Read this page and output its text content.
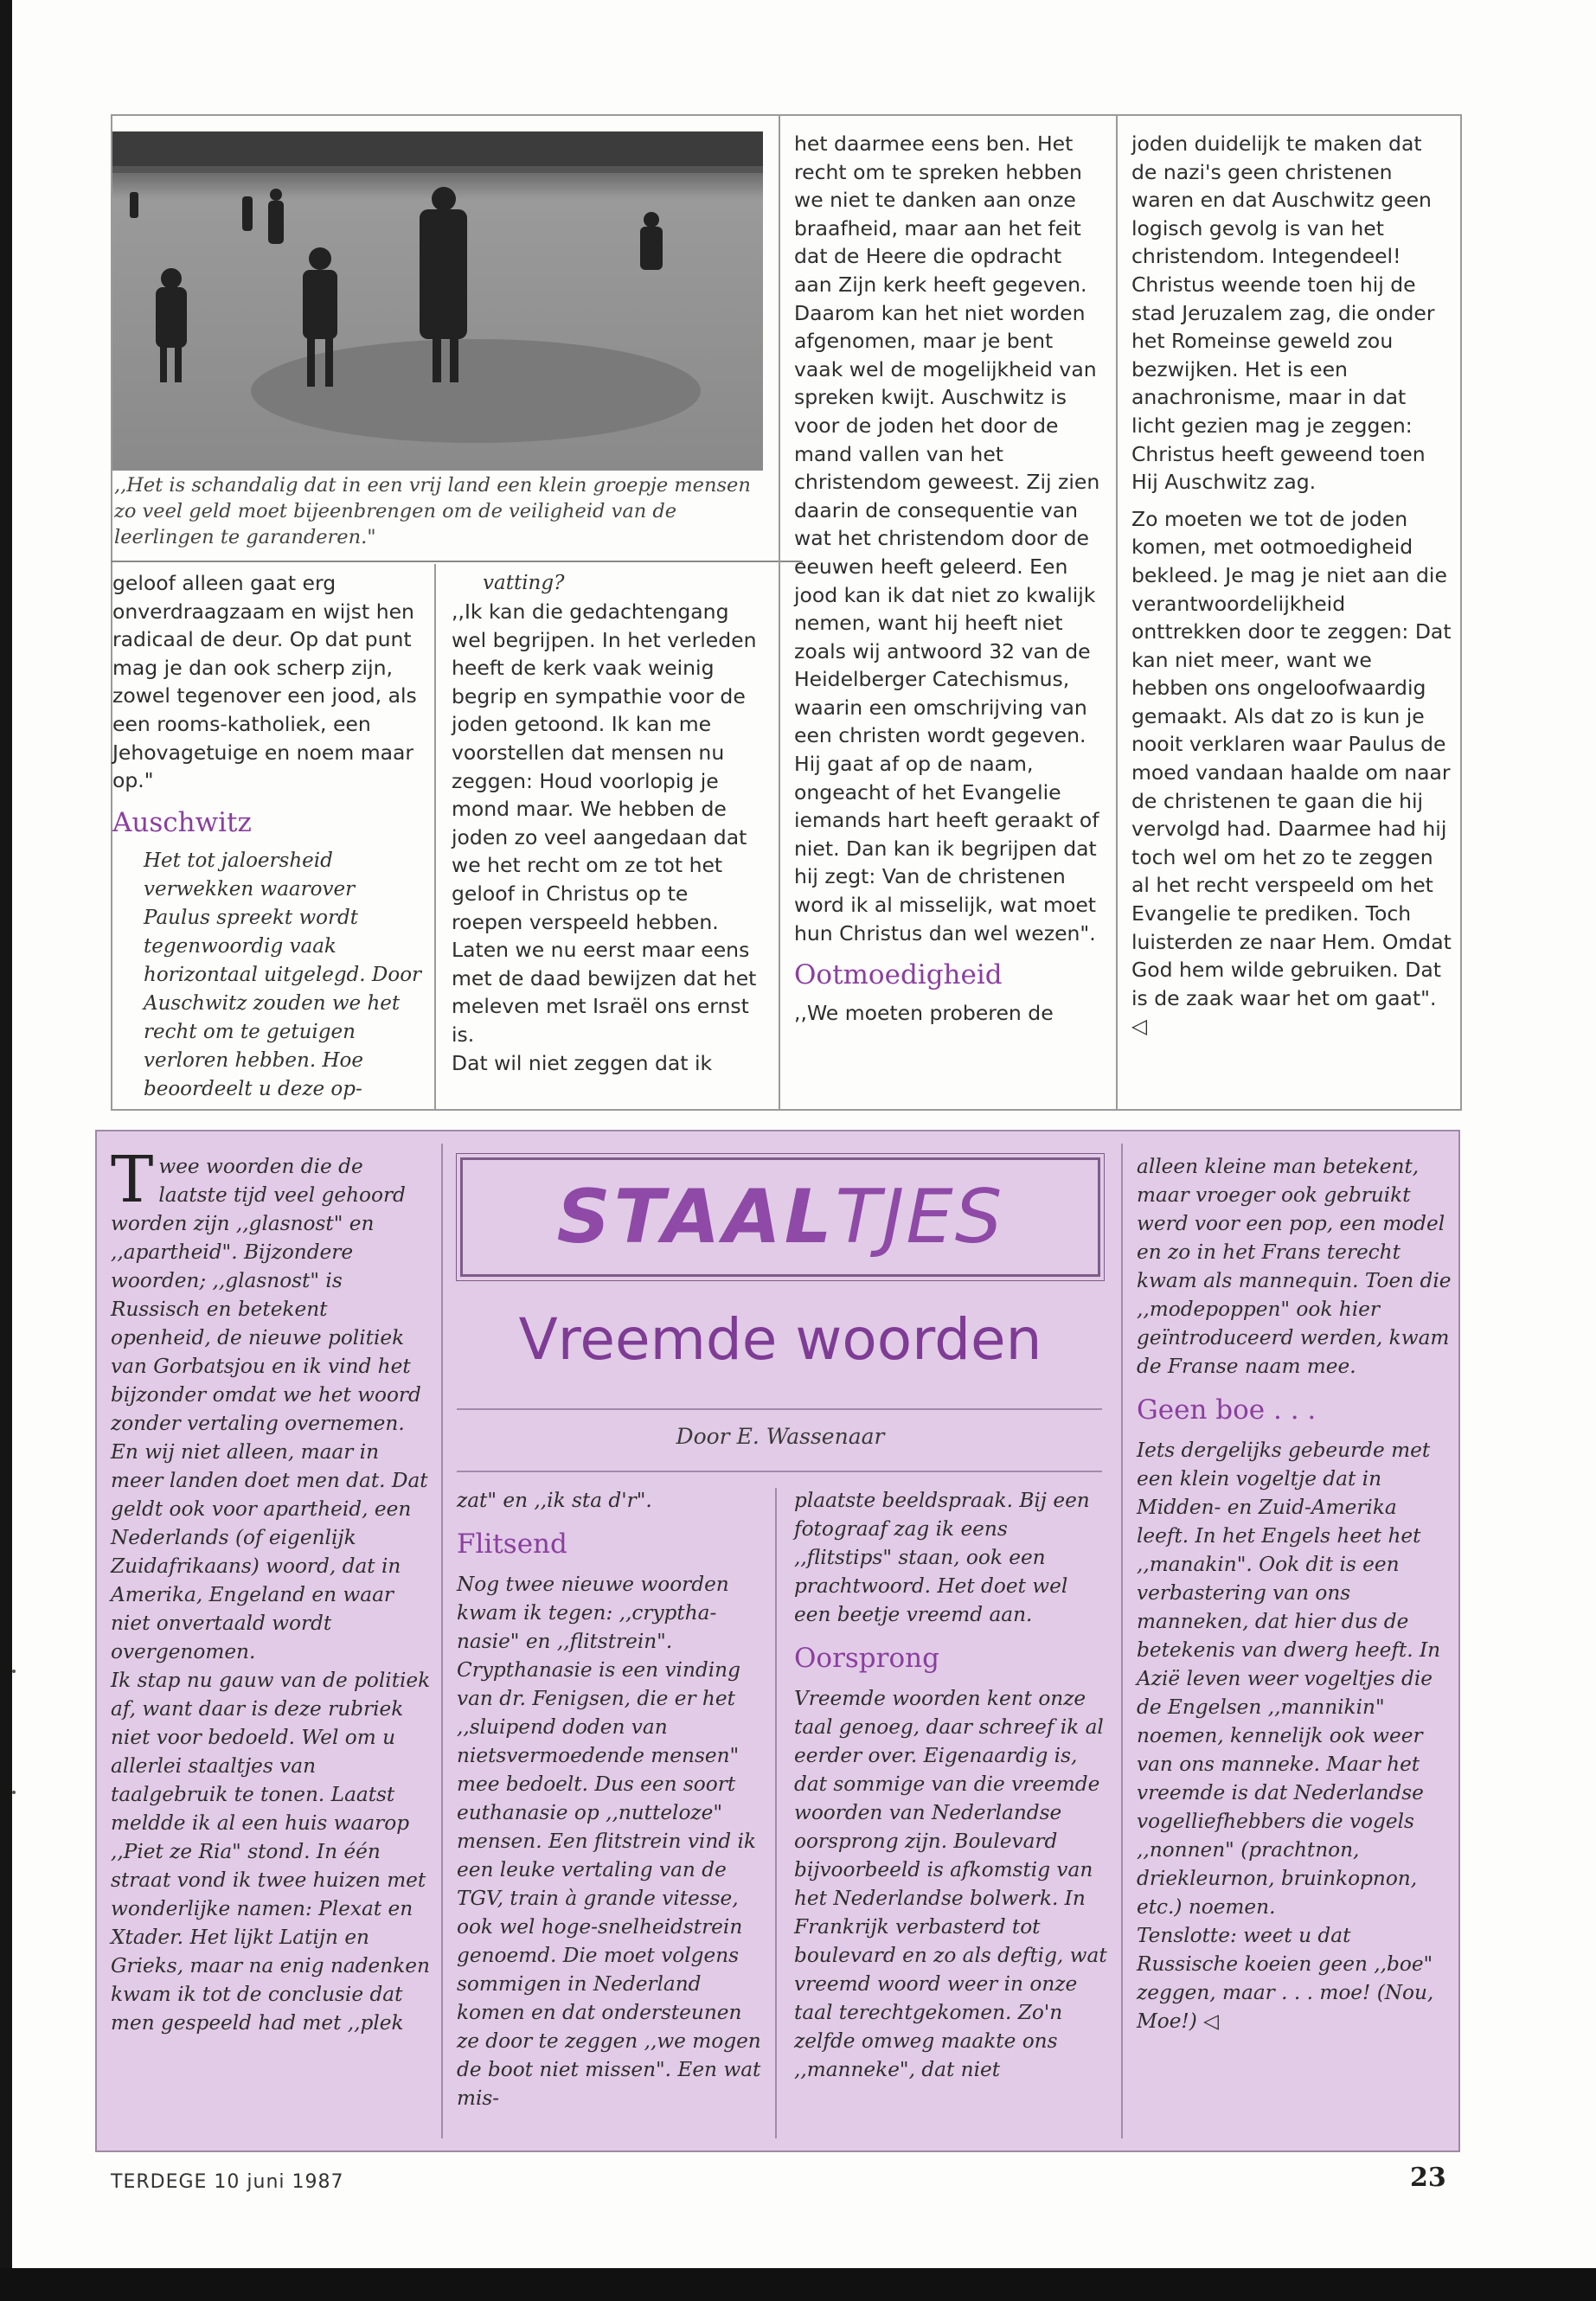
,,Het is schandalig dat in een vrij land een klein groepje mensen zo veel geld moet bijeenbrengen om de veiligheid van de leerlingen te garanderen."

geloof alleen gaat erg onverdraagzaam en wijst hen radicaal de deur. Op dat punt mag je dan ook scherp zijn, zowel tegenover een jood, als een rooms-katholiek, een Jehovagetuige en noem maar op."

Auschwitz

Het tot jaloersheid verwekken waarover Paulus spreekt wordt tegenwoordig vaak horizontaal uitgelegd. Door Auschwitz zouden we het recht om te getuigen verloren hebben. Hoe beoordeelt u deze op-

vatting?

,,Ik kan die gedachtengang wel begrijpen. In het verleden heeft de kerk vaak weinig begrip en sympathie voor de joden getoond. Ik kan me voorstellen dat mensen nu zeggen: Houd voorlopig je mond maar. We hebben de joden zo veel aangedaan dat we het recht om ze tot het geloof in Christus op te roepen verspeeld hebben. Laten we nu eerst maar eens met de daad bewijzen dat het meleven met Israël ons ernst is.

Dat wil niet zeggen dat ik

het daarmee eens ben. Het recht om te spreken hebben we niet te danken aan onze braafheid, maar aan het feit dat de Heere die opdracht aan Zijn kerk heeft gegeven. Daarom kan het niet worden afgenomen, maar je bent vaak wel de mogelijkheid van spreken kwijt. Auschwitz is voor de joden het door de mand vallen van het christendom geweest. Zij zien daarin de consequentie van wat het christendom door de eeuwen heeft geleerd. Een jood kan ik dat niet zo kwalijk nemen, want hij heeft niet zoals wij antwoord 32 van de Heidelberger Catechismus, waarin een omschrijving van een christen wordt gegeven. Hij gaat af op de naam, ongeacht of het Evangelie iemands hart heeft geraakt of niet. Dan kan ik begrijpen dat hij zegt: Van de christenen word ik al misselijk, wat moet hun Christus dan wel wezen".

Ootmoedigheid

,,We moeten proberen de

joden duidelijk te maken dat de nazi's geen christenen waren en dat Auschwitz geen logisch gevolg is van het christendom. Integendeel! Christus weende toen hij de stad Jeruzalem zag, die onder het Romeinse geweld zou bezwijken. Het is een anachronisme, maar in dat licht gezien mag je zeggen: Christus heeft geweend toen Hij Auschwitz zag.

Zo moeten we tot de joden komen, met ootmoedigheid bekleed. Je mag je niet aan die verantwoordelijkheid onttrekken door te zeggen: Dat kan niet meer, want we hebben ons ongeloofwaardig gemaakt. Als dat zo is kun je nooit verklaren waar Paulus de moed vandaan haalde om naar de christenen te gaan die hij vervolgd had. Daarmee had hij toch wel om het zo te zeggen al het recht verspeeld om het Evangelie te prediken. Toch luisterden ze naar Hem. Omdat God hem wilde gebruiken. Dat is de zaak waar het om gaat". ◁

STAAL TJES
Vreemde woorden
Door E. Wassenaar
T wee woorden die de laatste tijd veel gehoord worden zijn ,,glasnost" en ,,apartheid". Bijzondere woorden; ,,glasnost" is Russisch en betekent openheid, de nieuwe politiek van Gorbatsjou en ik vind het bijzonder omdat we het woord zonder vertaling overnemen. En wij niet alleen, maar in meer landen doet men dat. Dat geldt ook voor apartheid, een Nederlands (of eigenlijk Zuidafrikaans) woord, dat in Amerika, Engeland en waar niet onvertaald wordt overgenomen.

Ik stap nu gauw van de politiek af, want daar is deze rubriek niet voor bedoeld. Wel om u allerlei staaltjes van taalgebruik te tonen. Laatst meldde ik al een huis waarop ,,Piet ze Ria" stond. In één straat vond ik twee huizen met wonderlijke namen: Plexat en Xtader. Het lijkt Latijn en Grieks, maar na enig nadenken kwam ik tot de conclusie dat men gespeeld had met ,,plek

zat" en ,,ik sta d'r".

Flitsend

Nog twee nieuwe woorden kwam ik tegen: ,,crypthanasie" en ,,flitstrein". Crypthanasie is een vinding van dr. Fenigsen, die er het ,,sluipend doden van nietsvermoedende mensen" mee bedoelt. Dus een soort euthanasie op ,,nutteloze" mensen. Een flitstrein vind ik een leuke vertaling van de TGV, train à grande vitesse, ook wel hoge-snelheidstrein genoemd. Die moet volgens sommigen in Nederland komen en dat ondersteunen ze door te zeggen ,,we mogen de boot niet missen". Een wat mis-

plaatste beeldspraak. Bij een fotograaf zag ik eens ,,flitstips" staan, ook een prachtwoord. Het doet wel een beetje vreemd aan.

Oorsprong

Vreemde woorden kent onze taal genoeg, daar schreef ik al eerder over. Eigenaardig is, dat sommige van die vreemde woorden van Nederlandse oorsprong zijn. Boulevard bijvoorbeeld is afkomstig van het Nederlandse bolwerk. In Frankrijk verbasterd tot boulevard en zo als deftig, wat vreemd woord weer in onze taal terechtgekomen. Zo'n zelfde omweg maakte ons ,,manneke", dat niet

alleen kleine man betekent, maar vroeger ook gebruikt werd voor een pop, een model en zo in het Frans terecht kwam als mannequin. Toen die ,,modepoppen" ook hier geïntroduceerd werden, kwam de Franse naam mee.

Geen boe . . .

Iets dergelijks gebeurde met een klein vogeltje dat in Midden- en Zuid-Amerika leeft. In het Engels heet het ,,manakin". Ook dit is een verbastering van ons manneken, dat hier dus de betekenis van dwerg heeft. In Azië leven weer vogeltjes die de Engelsen ,,mannikin" noemen, kennelijk ook weer van ons manneke. Maar het vreemde is dat Nederlandse vogelliefhebbers die vogels ,,nonnen" (prachtnon, driekleurnon, bruinkopnon, etc.) noemen.

Tenslotte: weet u dat Russische koeien geen ,,boe" zeggen, maar . . . moe! (Nou, Moe!) ◁

TERDEGE 10 juni 1987	23
